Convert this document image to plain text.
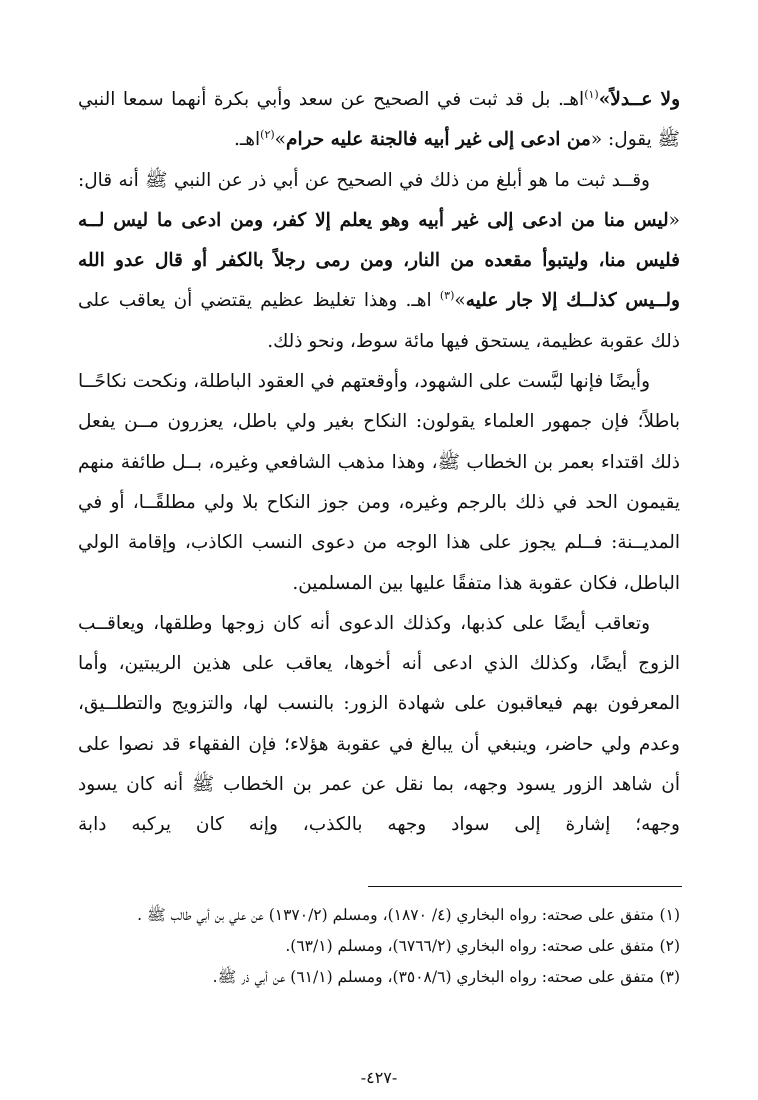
ولا عــدلاً»$^{(١)}$اهـ. بل قد ثبت في الصحيح عن سعد وأبي بكرة أنهما سمعا النبي ﷺ يقول: «من ادعى إلى غير أبيه فالجنة عليه حرام»$^{(٢)}$اهـ.

وقــد ثبت ما هو أبلغ من ذلك في الصحيح عن أبي ذر عن النبي ﷺ أنه قال: «ليس منا من ادعى إلى غير أبيه وهو يعلم إلا كفر، ومن ادعى ما ليس لــه فليس منا، وليتبوأ مقعده من النار، ومن رمى رجلاً بالكفر أو قال عدو الله ولــيس كذلــك إلا جار عليه»$^{(٣)}$ اهـ. وهذا تغليظ عظيم يقتضي أن يعاقب على ذلك عقوبة عظيمة، يستحق فيها مائة سوط، ونحو ذلك.

وأيضًا فإنها لبَّست على الشهود، وأوقعتهم في العقود الباطلة، ونكحت نكاحًــا باطلاً؛ فإن جمهور العلماء يقولون: النكاح بغير ولي باطل، يعزرون مــن يفعل ذلك اقتداء بعمر بن الخطاب ﷺ، وهذا مذهب الشافعي وغيره، بــل طائفة منهم يقيمون الحد في ذلك بالرجم وغيره، ومن جوز النكاح بلا ولي مطلقًــا، أو في المديــنة: فــلم يجوز على هذا الوجه من دعوى النسب الكاذب، وإقامة الولي الباطل، فكان عقوبة هذا متفقًا عليها بين المسلمين.

وتعاقب أيضًا على كذبها، وكذلك الدعوى أنه كان زوجها وطلقها، ويعاقــب الزوج أيضًا، وكذلك الذي ادعى أنه أخوها، يعاقب على هذين الريبتين، وأما المعرفون بهم فيعاقبون على شهادة الزور: بالنسب لها، والتزويج والتطلــيق، وعدم ولي حاضر، وينبغي أن يبالغ في عقوبة هؤلاء؛ فإن الفقهاء قد نصوا على أن شاهد الزور يسود وجهه، بما نقل عن عمر بن الخطاب ﷺ أنه كان يسود وجهه؛ إشارة إلى سواد وجهه بالكذب، وإنه كان يركبه دابة

(١)
متفق على صحته: رواه البخاري (٤/ ١٨٧٠)، ومسلم (١٣٧٠/٢) عن علي بن أبي طالب ﷺ .
(٢)
متفق على صحته: رواه البخاري (٦٧٦٦/٢)، ومسلم (٦٣/١).
(٣)
متفق على صحته: رواه البخاري (٣٥٠٨/٦)، ومسلم (٦١/١) عن أبي ذر ﷺ.
-٤٢٧-
